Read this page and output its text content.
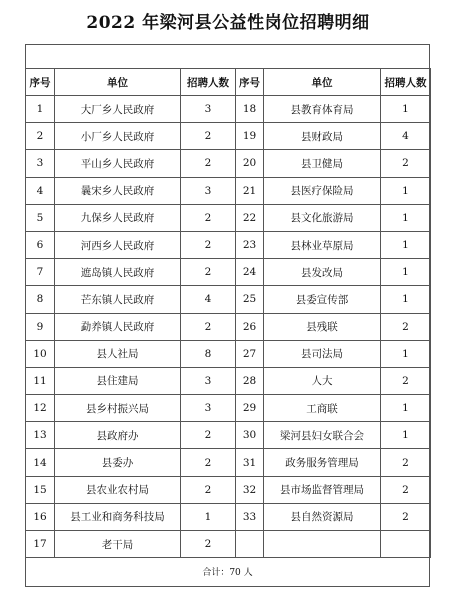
2022 年梁河县公益性岗位招聘明细
序号	单位	招聘人数	序号	单位	招聘人数
1	大厂乡人民政府	3	18	县教育体育局	1
2	小厂乡人民政府	2	19	县财政局	4
3	平山乡人民政府	2	20	县卫健局	2
4	曩宋乡人民政府	3	21	县医疗保险局	1
5	九保乡人民政府	2	22	县文化旅游局	1
6	河西乡人民政府	2	23	县林业草原局	1
7	遮岛镇人民政府	2	24	县发改局	1
8	芒东镇人民政府	4	25	县委宣传部	1
9	勐养镇人民政府	2	26	县残联	2
10	县人社局	8	27	县司法局	1
11	县住建局	3	28	人大	2
12	县乡村振兴局	3	29	工商联	1
13	县政府办	2	30	梁河县妇女联合会	1
14	县委办	2	31	政务服务管理局	2
15	县农业农村局	2	32	县市场监督管理局	2
16	县工业和商务科技局	1	33	县自然资源局	2
17	老干局	2			
合计：70 人
